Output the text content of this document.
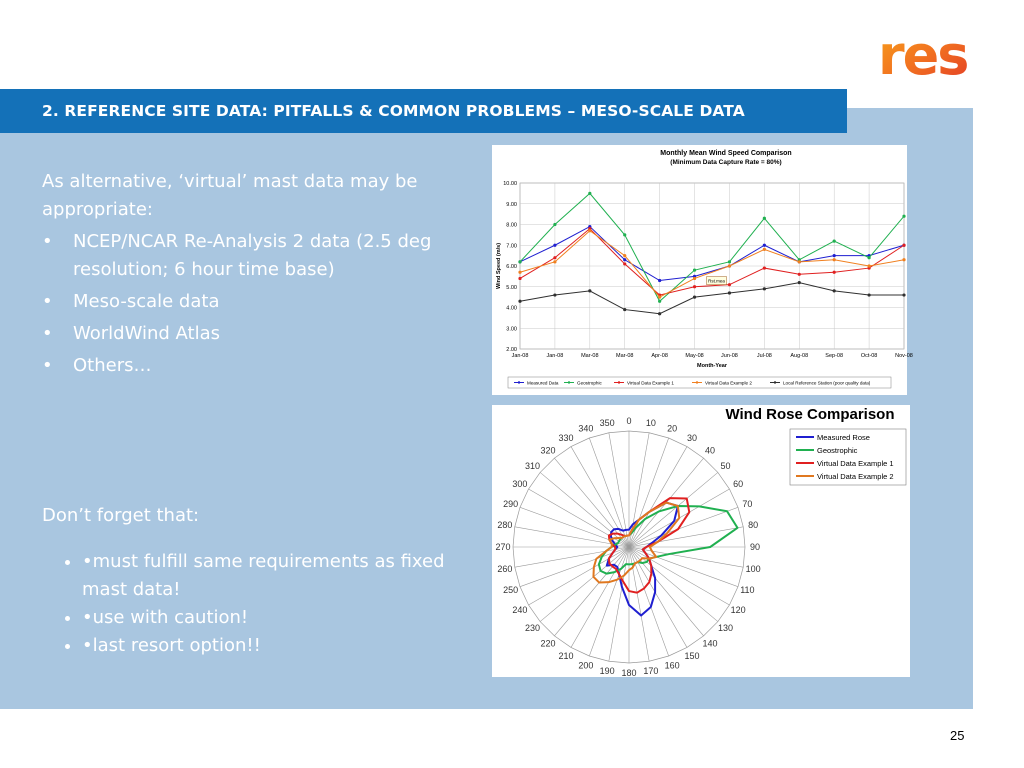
res
2. REFERENCE SITE DATA: PITFALLS & COMMON PROBLEMS – MESO-SCALE DATA

As alternative, ‘virtual’ mast data may be appropriate:

• NCEP/NCAR Re-Analysis 2 data (2.5 deg resolution; 6 hour time base)
• Meso-scale data
• WorldWind Atlas
• Others…

Don’t forget that:

• •must fulfill same requirements as fixed mast data!
• •use with caution!
• •last resort option!!
Monthly Mean Wind Speed Comparison
(Minimum Data Capture Rate = 80%)
2.00
3.00
4.00
5.00
6.00
7.00
8.00
9.00
10.00
Jan-08	Jan-08	Mar-08	Mar-08	Apr-08	May-08	Jun-08	Jul-08	Aug-08	Sep-08	Oct-08	Nov-08
Month-Year
Wind Speed (m/s)	Rst.mea
Measured Data	Geostrophic	Virtual Data Example 1	Virtual Data Example 2	Local Reference Station (poor quality data)
0 10
20
30
40
50
60
70
80
90
100
110
120
130
140
150
160
170
180
190
200
210
220
230
240
250
260
270
280
290
300
310
320
330
340
350	Wind Rose Comparison
Measured Rose
Geostrophic
Virtual Data Example 1
Virtual Data Example 2
25
